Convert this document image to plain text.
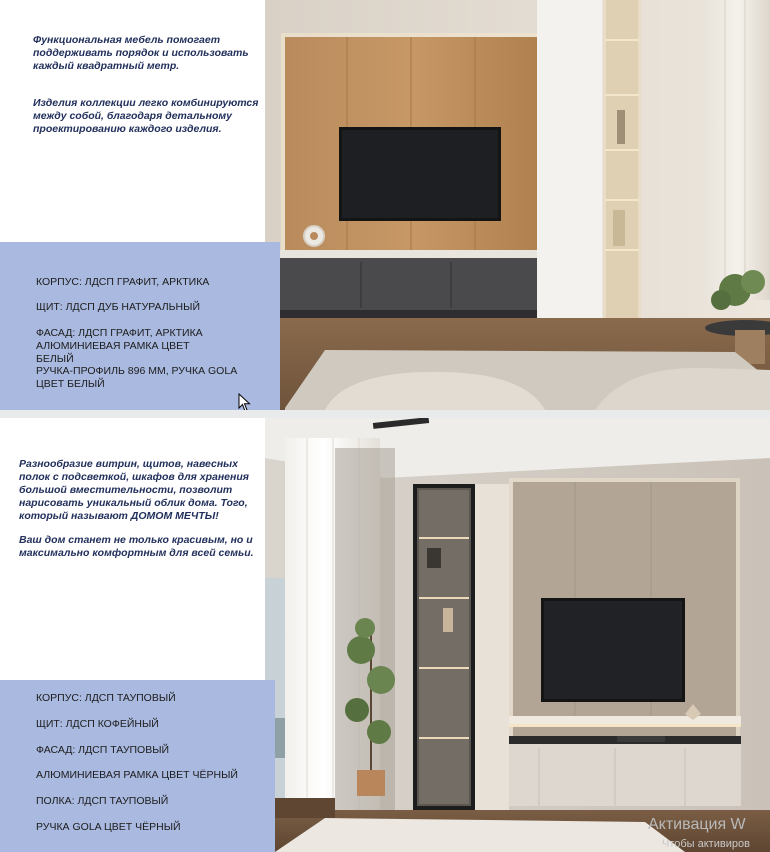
Функциональная мебель помогает поддерживать порядок и использовать каждый квадратный метр.

Изделия коллекции легко комбинируются между собой, благодаря детальному проектированию каждого изделия.

КОРПУС: ЛДСП ГРАФИТ, АРКТИКА

ЩИТ: ЛДСП ДУБ НАТУРАЛЬНЫЙ

ФАСАД: ЛДСП ГРАФИТ, АРКТИКА АЛЮМИНИЕВАЯ РАМКА ЦВЕТ БЕЛЫЙ

РУЧКА-ПРОФИЛЬ 896 ММ, РУЧКА GOLA ЦВЕТ БЕЛЫЙ

Разнообразие витрин, щитов, навесных полок с подсветкой, шкафов для хранения большой вместительности, позволит нарисовать уникальный облик дома. Того, который называют ДОМОМ МЕЧТЫ!

Ваш дом станет не только красивым, но и максимально комфортным для всей семьи.

КОРПУС: ЛДСП ТАУПОВЫЙ

ЩИТ: ЛДСП КОФЕЙНЫЙ

ФАСАД: ЛДСП ТАУПОВЫЙ

АЛЮМИНИЕВАЯ РАМКА ЦВЕТ ЧЁРНЫЙ

ПОЛКА: ЛДСП ТАУПОВЫЙ

РУЧКА GOLA ЦВЕТ ЧЁРНЫЙ	Активация W
Чтобы активиров
